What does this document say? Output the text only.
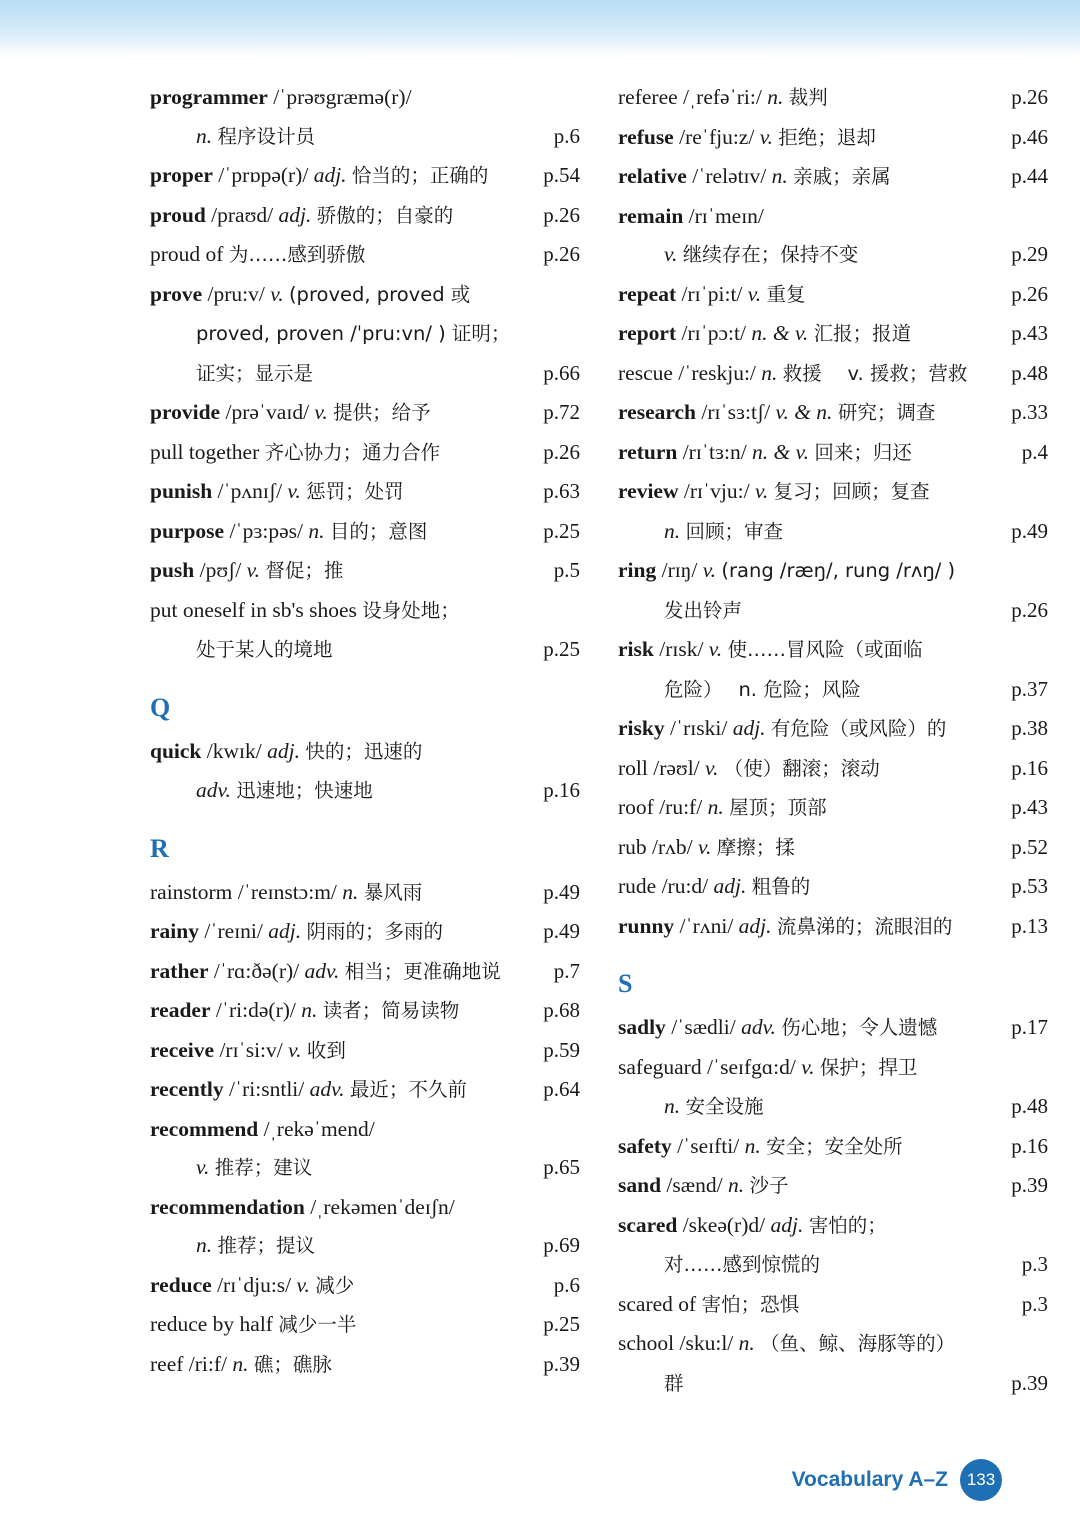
programmer /ˈprəʊgræmə(r)/
n. 程序设计员	p.6
proper /ˈprɒpə(r)/ adj. 恰当的；正确的	p.54
proud /praʊd/ adj. 骄傲的；自豪的	p.26
proud of 为……感到骄傲	p.26
prove /pru:v/ v. (proved, proved 或
proved, proven /ˈpru:vn/ ) 证明；
证实；显示是	p.66
provide /prəˈvaɪd/ v. 提供；给予	p.72
pull together 齐心协力；通力合作	p.26
punish /ˈpʌnɪʃ/ v. 惩罚；处罚	p.63
purpose /ˈpɜ:pəs/ n. 目的；意图	p.25
push /pʊʃ/ v. 督促；推	p.5
put oneself in sb's shoes 设身处地；
处于某人的境地	p.25
Q
quick /kwɪk/ adj. 快的；迅速的
adv. 迅速地；快速地	p.16
R
rainstorm /ˈreɪnstɔ:m/ n. 暴风雨	p.49
rainy /ˈreɪni/ adj. 阴雨的；多雨的	p.49
rather /ˈrɑ:ðə(r)/ adv. 相当；更准确地说	p.7
reader /ˈri:də(r)/ n. 读者；简易读物	p.68
receive /rɪˈsi:v/ v. 收到	p.59
recently /ˈri:sntli/ adv. 最近；不久前	p.64
recommend /ˌrekəˈmend/
v. 推荐；建议	p.65
recommendation /ˌrekəmenˈdeɪʃn/
n. 推荐；提议	p.69
reduce /rɪˈdju:s/ v. 减少	p.6
reduce by half 减少一半	p.25
reef /ri:f/ n. 礁；礁脉	p.39
referee /ˌrefəˈri:/ n. 裁判	p.26
refuse /reˈfju:z/ v. 拒绝；退却	p.46
relative /ˈrelətɪv/ n. 亲戚；亲属	p.44
remain /rɪˈmeɪn/
v. 继续存在；保持不变	p.29
repeat /rɪˈpi:t/ v. 重复	p.26
report /rɪˈpɔ:t/ n. & v. 汇报；报道	p.43
rescue /ˈreskju:/ n. 救援　 v. 援救；营救 p.48
research /rɪˈsɜ:tʃ/ v. & n. 研究；调查	p.33
return /rɪˈtɜ:n/ n. & v. 回来；归还	p.4
review /rɪˈvju:/ v. 复习；回顾；复查
n. 回顾；审查	p.49
ring /rɪŋ/ v. (rang /ræŋ/, rung /rʌŋ/ )
发出铃声	p.26
risk /rɪsk/ v. 使……冒风险（或面临
危险）　 n. 危险；风险	p.37
risky /ˈrɪski/ adj. 有危险（或风险）的	p.38
roll /rəʊl/ v. （使）翻滚；滚动	p.16
roof /ru:f/ n. 屋顶；顶部	p.43
rub /rʌb/ v. 摩擦；揉	p.52
rude /ru:d/ adj. 粗鲁的	p.53
runny /ˈrʌni/ adj. 流鼻涕的；流眼泪的	p.13
S
sadly /ˈsædli/ adv. 伤心地；令人遗憾	p.17
safeguard /ˈseɪfgɑ:d/ v. 保护；捍卫
n. 安全设施	p.48
safety /ˈseɪfti/ n. 安全；安全处所	p.16
sand /sænd/ n. 沙子	p.39
scared /skeə(r)d/ adj. 害怕的；
对……感到惊慌的	p.3
scared of 害怕；恐惧	p.3
school /sku:l/ n. （鱼、鲸、海豚等的）
群	p.39
Vocabulary A–Z	133
